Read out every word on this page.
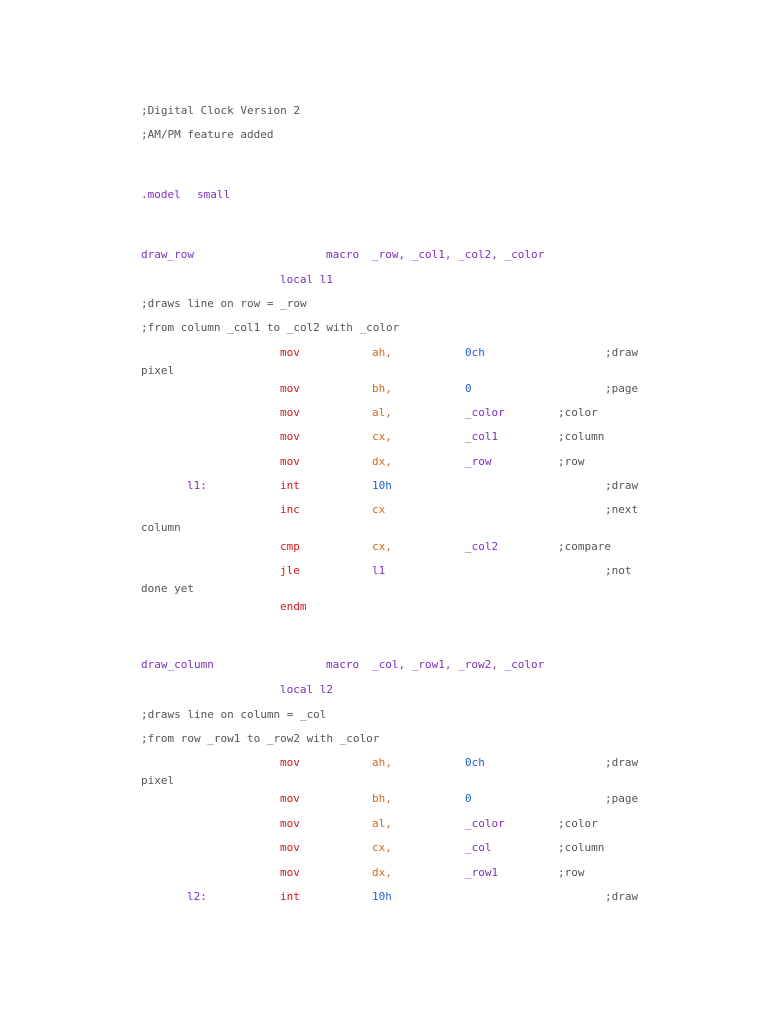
;Digital Clock Version 2
;AM/PM feature added
.model small
draw_row	macro _row, _col1, _col2, _color
local l1
;draws line on row = _row
;from column _col1 to _col2 with _color
mov	ah,	0ch	;draw
pixel
mov	bh,	0	;page
mov	al,	_color	;color
mov	cx,	_col1	;column
mov	dx,	_row	;row
l1:	int	10h	;draw
inc	cx	;next
column
cmp	cx,	_col2	;compare
jle	l1	;not
done yet
endm
draw_column	macro _col, _row1, _row2, _color
local l2
;draws line on column = _col
;from row _row1 to _row2 with _color
mov	ah,	0ch	;draw
pixel
mov	bh,	0	;page
mov	al,	_color	;color
mov	cx,	_col	;column
mov	dx,	_row1	;row
l2:	int	10h	;draw
